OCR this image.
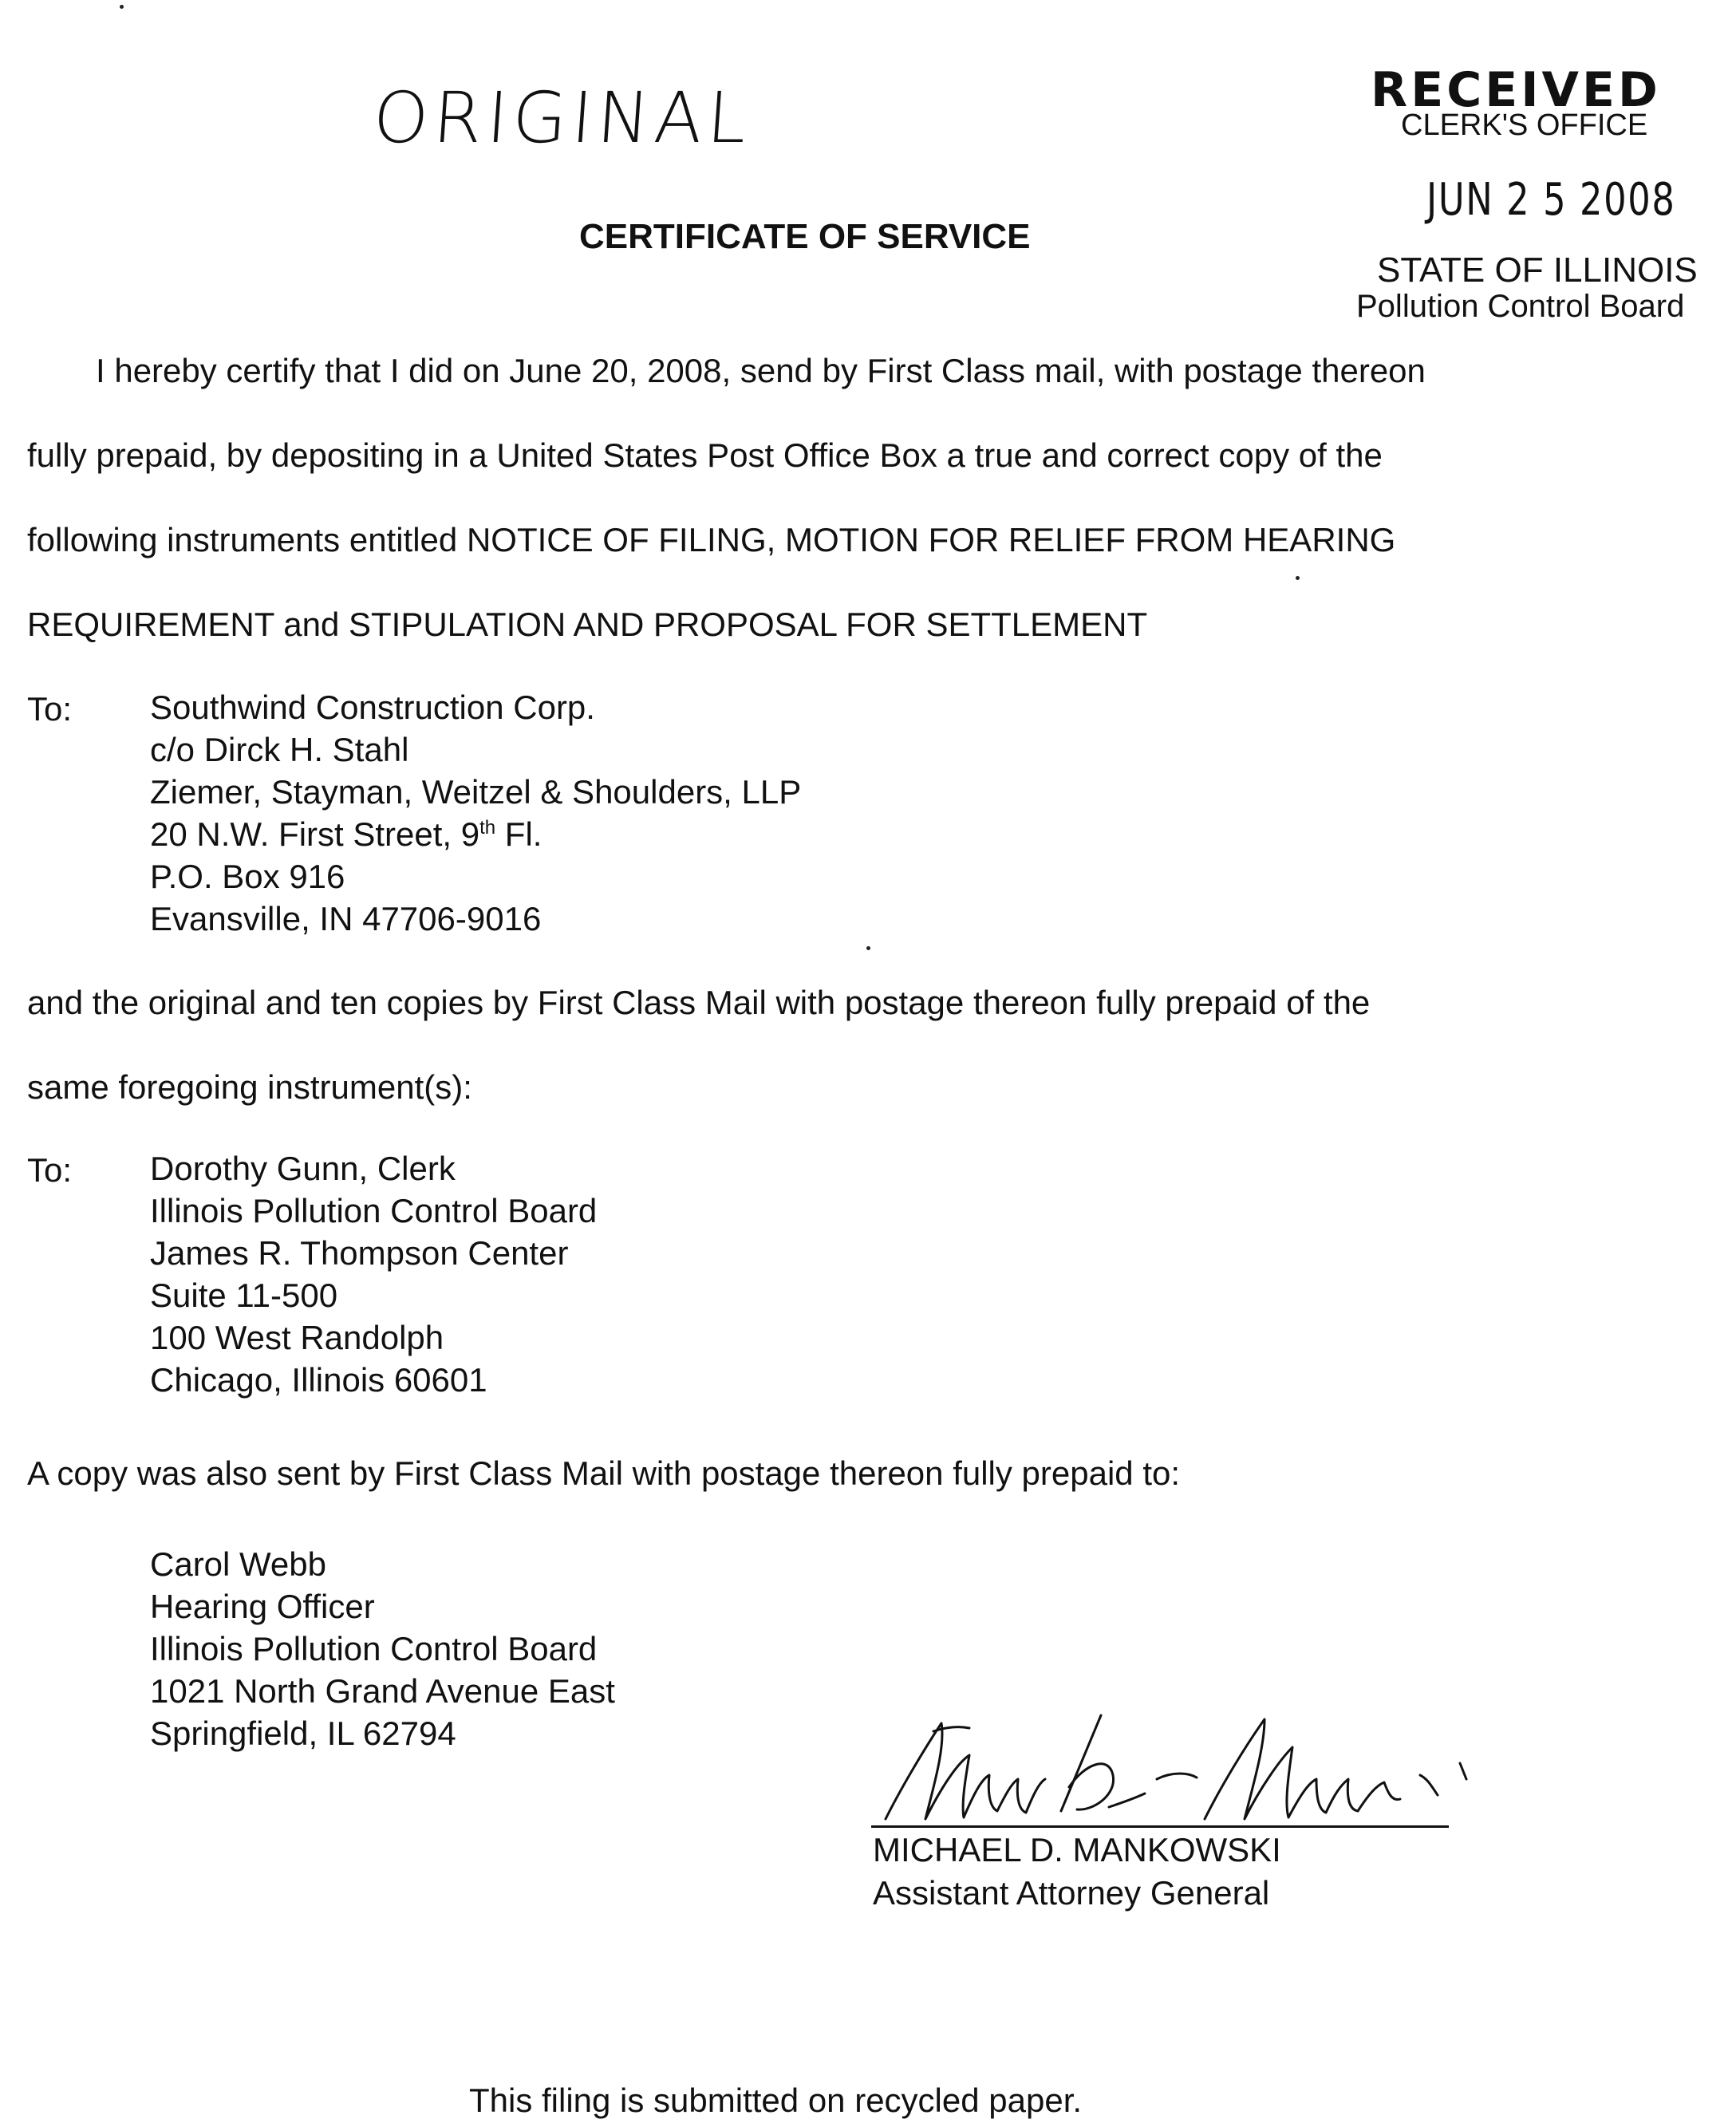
ORIGINAL	RECEIVED
CLERK'S OFFICE
JUN 2 5 2008
STATE OF ILLINOIS
Pollution Control Board
CERTIFICATE OF SERVICE
I hereby certify that I did on June 20, 2008, send by First Class mail, with postage thereon
fully prepaid, by depositing in a United States Post Office Box a true and correct copy of the
following instruments entitled NOTICE OF FILING, MOTION FOR RELIEF FROM HEARING
REQUIREMENT and STIPULATION AND PROPOSAL FOR SETTLEMENT
To: Southwind Construction Corp.
c/o Dirck H. Stahl
Ziemer, Stayman, Weitzel & Shoulders, LLP
20 N.W. First Street, 9th Fl.
P.O. Box 916
Evansville, IN 47706-9016
and the original and ten copies by First Class Mail with postage thereon fully prepaid of the
same foregoing instrument(s):
To: Dorothy Gunn, Clerk
Illinois Pollution Control Board
James R. Thompson Center
Suite 11-500
100 West Randolph
Chicago, Illinois 60601
A copy was also sent by First Class Mail with postage thereon fully prepaid to:
Carol Webb
Hearing Officer
Illinois Pollution Control Board
1021 North Grand Avenue East
Springfield, IL 62794
MICHAEL D. MANKOWSKI
Assistant Attorney General
This filing is submitted on recycled paper.
